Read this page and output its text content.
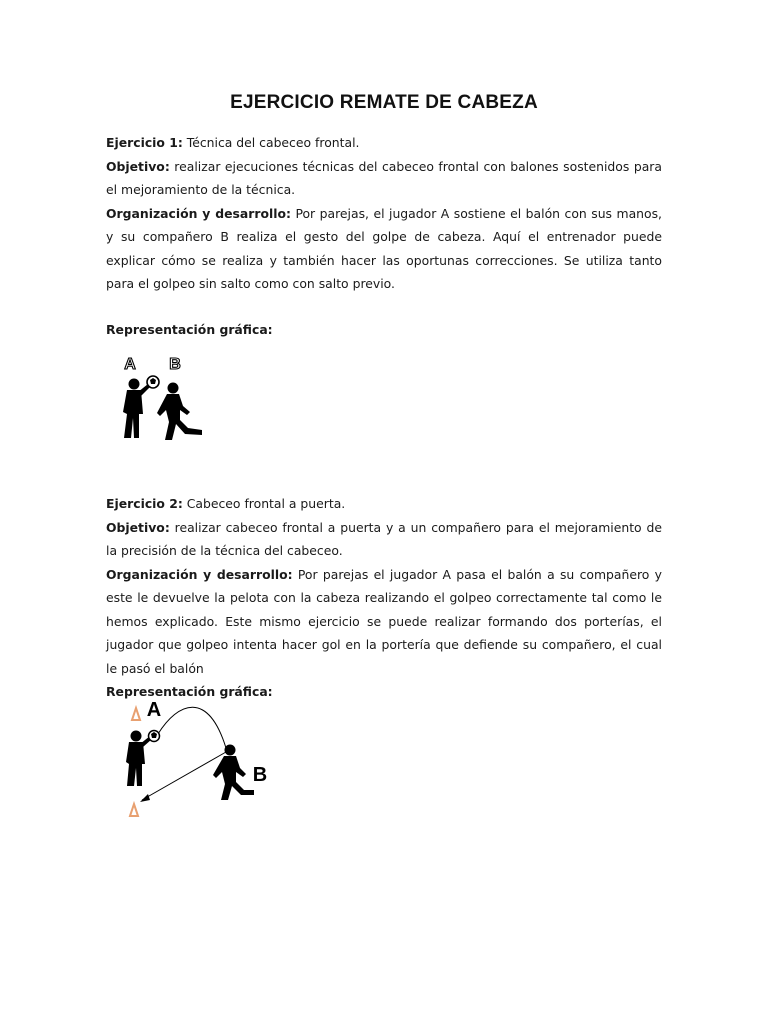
EJERCICIO REMATE DE CABEZA

Ejercicio 1: Técnica del cabeceo frontal.

Objetivo: realizar ejecuciones técnicas del cabeceo frontal con balones sostenidos para el mejoramiento de la técnica.

Organización y desarrollo: Por parejas, el jugador A sostiene el balón con sus manos, y su compañero B realiza el gesto del golpe de cabeza. Aquí el entrenador puede explicar cómo se realiza y también hacer las oportunas correcciones. Se utiliza tanto para el golpeo sin salto como con salto previo.

Representación gráfica:

A B

Ejercicio 2: Cabeceo frontal a puerta.

Objetivo: realizar cabeceo frontal a puerta y a un compañero para el mejoramiento de la precisión de la técnica del cabeceo.

Organización y desarrollo: Por parejas el jugador A pasa el balón a su compañero y este le devuelve la pelota con la cabeza realizando el golpeo correctamente tal como le hemos explicado. Este mismo ejercicio se puede realizar formando dos porterías, el jugador que golpeo intenta hacer gol en la portería que defiende su compañero, el cual le pasó el balón

Representación gráfica:

A
B
